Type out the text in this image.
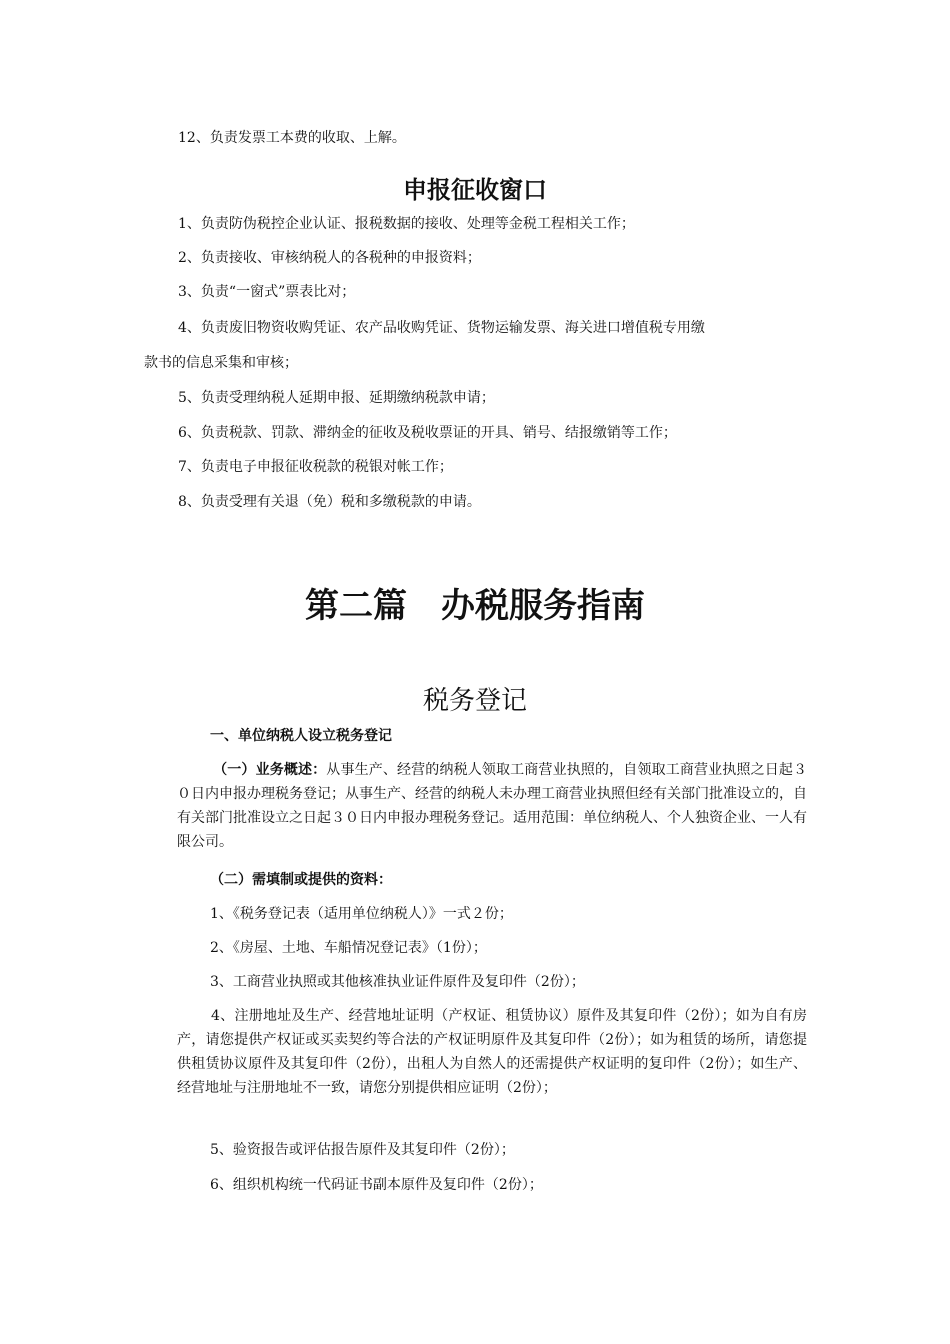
12、负责发票工本费的收取、上解。
申报征收窗口
1、负责防伪税控企业认证、报税数据的接收、处理等金税工程相关工作；
2、负责接收、审核纳税人的各税种的申报资料；
3、负责“一窗式”票表比对；
4、负责废旧物资收购凭证、农产品收购凭证、货物运输发票、海关进口增值税专用缴
款书的信息采集和审核；
5、负责受理纳税人延期申报、延期缴纳税款申请；
6、负责税款、罚款、滞纳金的征收及税收票证的开具、销号、结报缴销等工作；
7、负责电子申报征收税款的税银对帐工作；
8、负责受理有关退（免）税和多缴税款的申请。
第二篇　办税服务指南
税务登记
一、单位纳税人设立税务登记
（一）业务概述：从事生产、经营的纳税人领取工商营业执照的，自领取工商营业执照之日起３０日内申报办理税务登记；从事生产、经营的纳税人未办理工商营业执照但经有关部门批准设立的，自有关部门批准设立之日起３０日内申报办理税务登记。适用范围：单位纳税人、个人独资企业、一人有限公司。
（二）需填制或提供的资料：
1、《税务登记表（适用单位纳税人）》一式２份；
2、《房屋、土地、车船情况登记表》（1份）；
3、工商营业执照或其他核准执业证件原件及复印件（2份）；
4、注册地址及生产、经营地址证明（产权证、租赁协议）原件及其复印件（2份）；如为自有房产，请您提供产权证或买卖契约等合法的产权证明原件及其复印件（2份）；如为租赁的场所，请您提供租赁协议原件及其复印件（2份），出租人为自然人的还需提供产权证明的复印件（2份）；如生产、经营地址与注册地址不一致，请您分别提供相应证明（2份）；
5、验资报告或评估报告原件及其复印件（2份）；
6、组织机构统一代码证书副本原件及复印件（2份）；
